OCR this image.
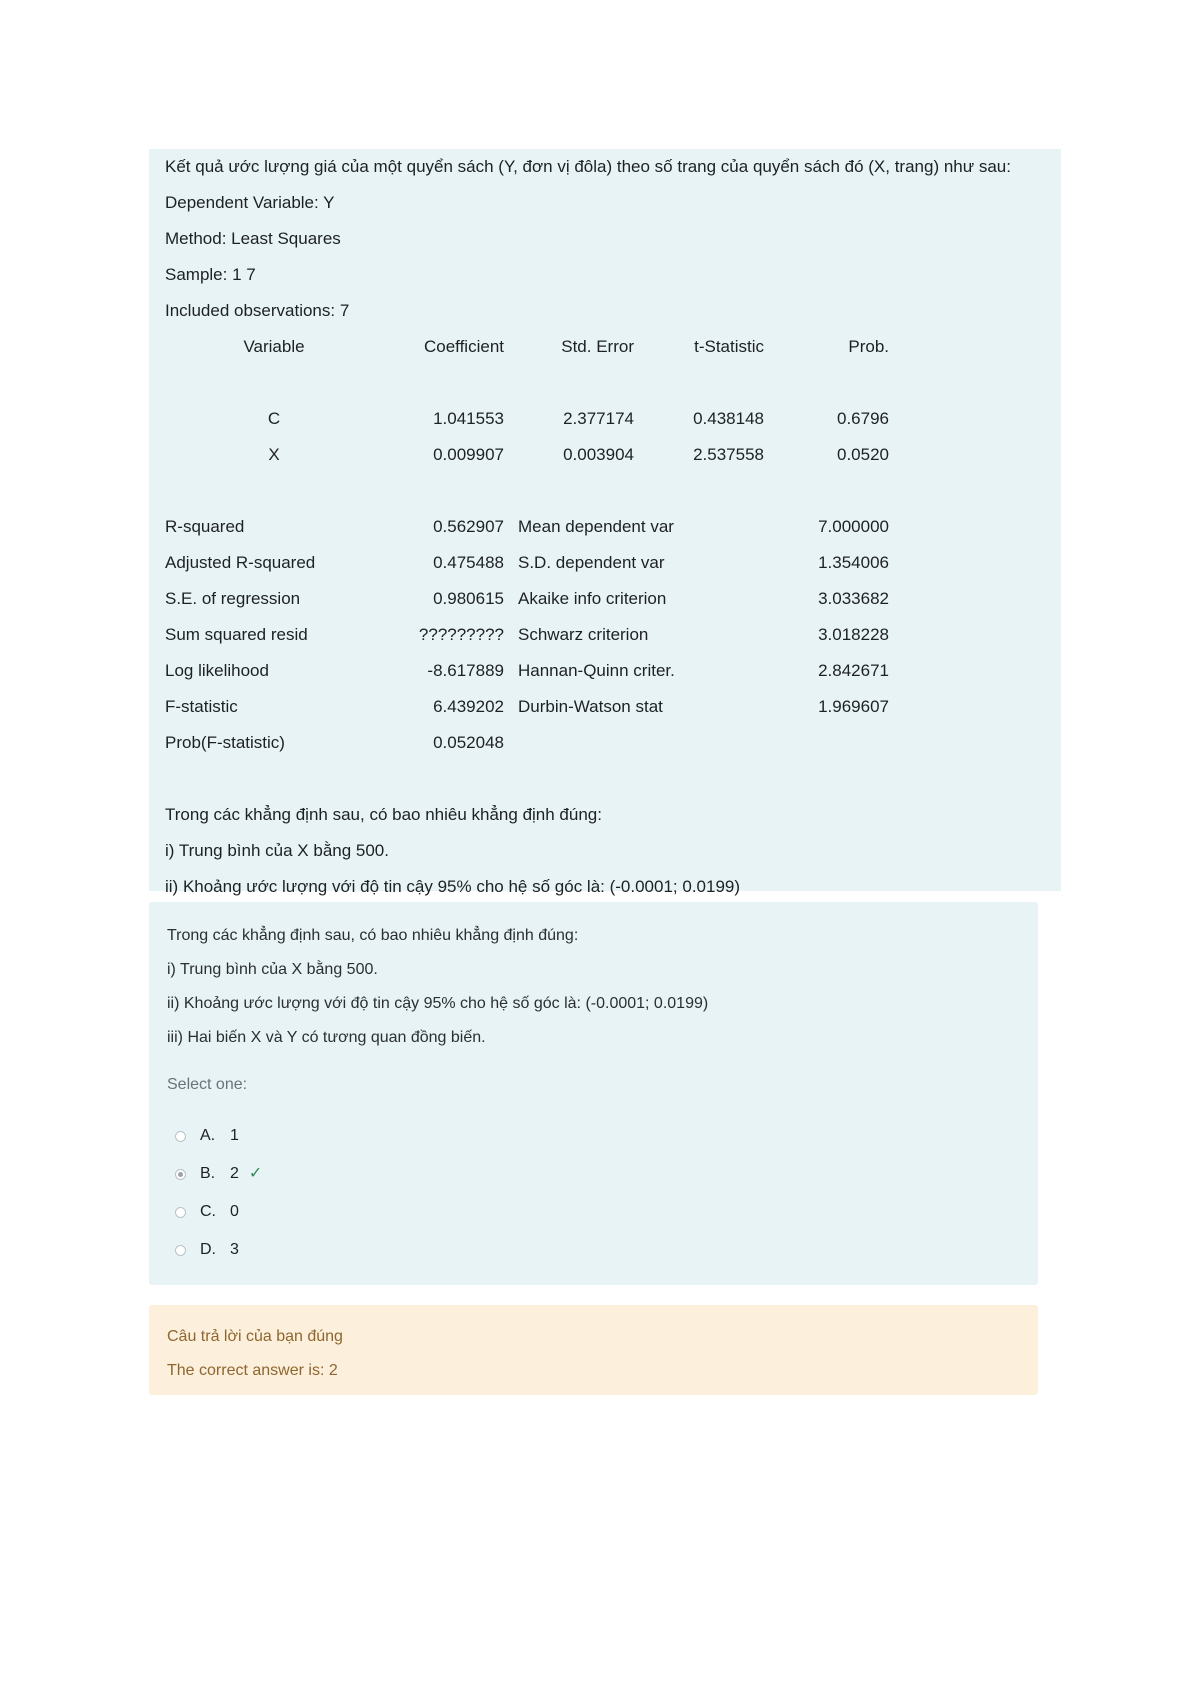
Kết quả ước lượng giá của một quyển sách (Y, đơn vị đôla) theo số trang của quyển sách đó (X, trang) như sau:
Dependent Variable: Y
Method: Least Squares
Sample: 1 7
Included observations: 7
Variable	Coefficient	Std. Error	t-Statistic	Prob.
C	1.041553	2.377174	0.438148	0.6796
X	0.009907	0.003904	2.537558	0.0520
R-squared	0.562907 Mean dependent var	7.000000
Adjusted R-squared	0.475488 S.D. dependent var	1.354006
S.E. of regression	0.980615 Akaike info criterion	3.033682
Sum squared resid	????????? Schwarz criterion	3.018228
Log likelihood	-8.617889 Hannan-Quinn criter.	2.842671
F-statistic	6.439202 Durbin-Watson stat	1.969607
Prob(F-statistic)	0.052048
Trong các khẳng định sau, có bao nhiêu khẳng định đúng:
i) Trung bình của X bằng 500.
ii) Khoảng ước lượng với độ tin cậy 95% cho hệ số góc là: (-0.0001; 0.0199)
Trong các khẳng định sau, có bao nhiêu khẳng định đúng:
i) Trung bình của X bằng 500.
ii) Khoảng ước lượng với độ tin cậy 95% cho hệ số góc là: (-0.0001; 0.0199)
iii) Hai biến X và Y có tương quan đồng biến.
Select one:
A. 1
B. 2 ✓
C. 0
D. 3
Câu trả lời của bạn đúng
The correct answer is: 2
